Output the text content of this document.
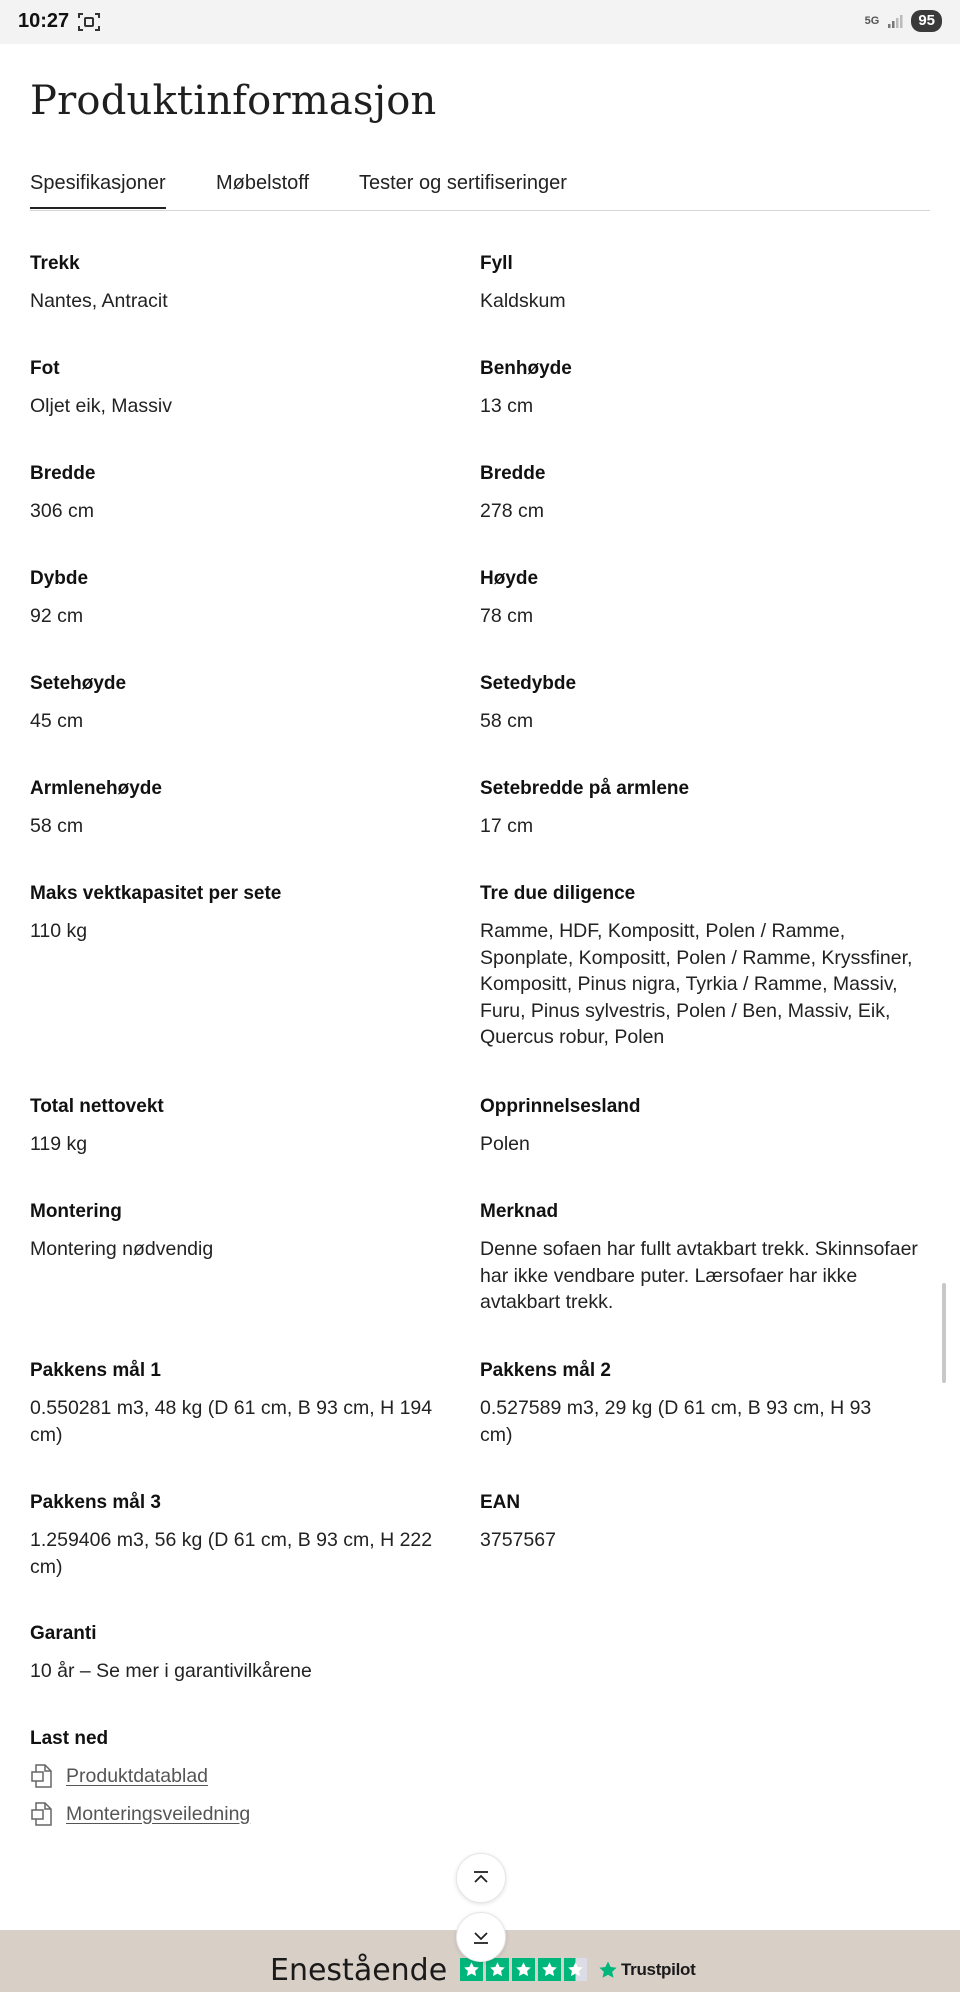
10:27	5G	95
Produktinformasjon
Spesifikasjoner	Møbelstoff	Tester og sertifiseringer
Trekk
Nantes, Antracit
Fyll
Kaldskum
Fot
Oljet eik, Massiv
Benhøyde
13 cm
Bredde
306 cm
Bredde
278 cm
Dybde
92 cm
Høyde
78 cm
Setehøyde
45 cm
Setedybde
58 cm
Armlenehøyde
58 cm
Setebredde på armlene
17 cm
Maks vektkapasitet per sete
110 kg
Tre due diligence
Ramme, HDF, Kompositt, Polen / Ramme, Sponplate, Kompositt, Polen / Ramme, Kryssfiner, Kompositt, Pinus nigra, Tyrkia / Ramme, Massiv, Furu, Pinus sylvestris, Polen / Ben, Massiv, Eik, Quercus robur, Polen
Total nettovekt
119 kg
Opprinnelsesland
Polen
Montering
Montering nødvendig
Merknad
Denne sofaen har fullt avtakbart trekk. Skinnsofaer har ikke vendbare puter. Lærsofaer har ikke avtakbart trekk.
Pakkens mål 1
0.550281 m3, 48 kg (D 61 cm, B 93 cm, H 194 cm)
Pakkens mål 2
0.527589 m3, 29 kg (D 61 cm, B 93 cm, H 93 cm)
Pakkens mål 3
1.259406 m3, 56 kg (D 61 cm, B 93 cm, H 222 cm)
EAN
3757567
Garanti
10 år – Se mer i garantivilkårene
Last ned
Produktdatablad
Monteringsveiledning
Enestående	Trustpilot
